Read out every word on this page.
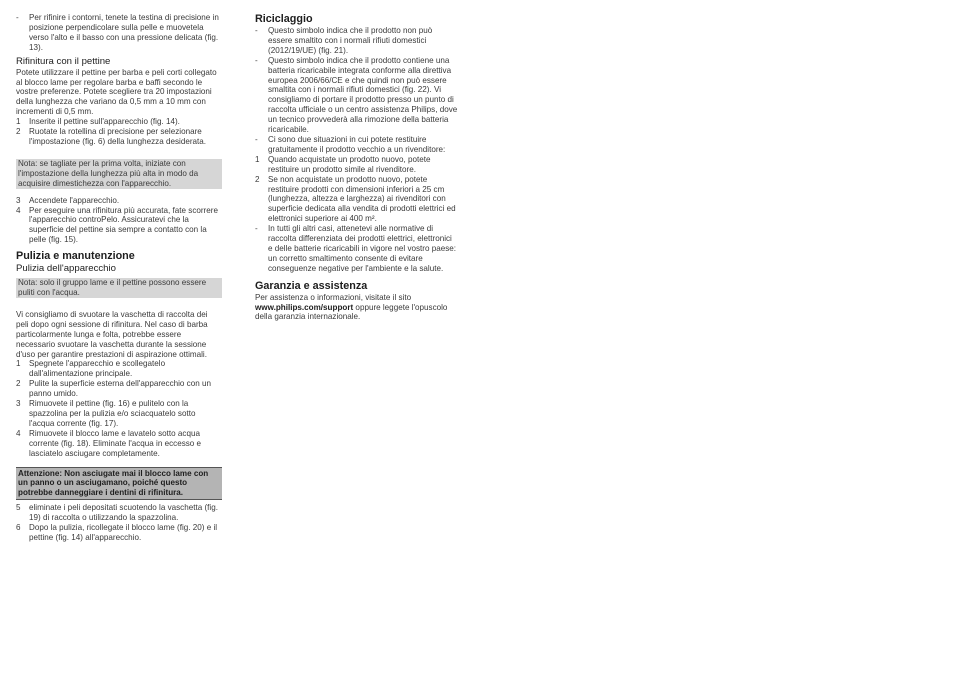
- Per rifinire i contorni, tenete la testina di precisione in posizione perpendicolare sulla pelle e muovetela verso l'alto e il basso con una pressione delicata (fig. 13).
Rifinitura con il pettine

Potete utilizzare il pettine per barba e peli corti collegato al blocco lame per regolare barba e baffi secondo le vostre preferenze. Potete scegliere tra 20 impostazioni della lunghezza che variano da 0,5 mm a 10 mm con incrementi di 0,5 mm.

1 Inserite il pettine sull'apparecchio (fig. 14).
2 Ruotate la rotellina di precisione per selezionare l'impostazione (fig. 6) della lunghezza desiderata.

Nota: se tagliate per la prima volta, iniziate con l'impostazione della lunghezza più alta in modo da acquisire dimestichezza con l'apparecchio.

3 Accendete l'apparecchio.
4 Per eseguire una rifinitura più accurata, fate scorrere l'apparecchio controPelo. Assicuratevi che la superficie del pettine sia sempre a contatto con la pelle (fig. 15).
Pulizia e manutenzione
Pulizia dell'apparecchio

Nota: solo il gruppo lame e il pettine possono essere puliti con l'acqua.

Vi consigliamo di svuotare la vaschetta di raccolta dei peli dopo ogni sessione di rifinitura. Nel caso di barba particolarmente lunga e folta, potrebbe essere necessario svuotare la vaschetta durante la sessione d'uso per garantire prestazioni di aspirazione ottimali.

1 Spegnete l'apparecchio e scollegatelo dall'alimentazione principale.
2 Pulite la superficie esterna dell'apparecchio con un panno umido.
3 Rimuovete il pettine (fig. 16) e pulitelo con la spazzolina per la pulizia e/o sciacquatelo sotto l'acqua corrente (fig. 17).
4 Rimuovete il blocco lame e lavatelo sotto acqua corrente (fig. 18). Eliminate l'acqua in eccesso e lasciatelo asciugare completamente.

Attenzione: Non asciugate mai il blocco lame con un panno o un asciugamano, poiché questo potrebbe danneggiare i dentini di rifinitura.

5 eliminate i peli depositati scuotendo la vaschetta (fig. 19) di raccolta o utilizzando la spazzolina.
6 Dopo la pulizia, ricollegate il blocco lame (fig. 20) e il pettine (fig. 14) all'apparecchio.
Riciclaggio
- Questo simbolo indica che il prodotto non può essere smaltito con i normali rifiuti domestici (2012/19/UE) (fig. 21).
- Questo simbolo indica che il prodotto contiene una batteria ricaricabile integrata conforme alla direttiva europea 2006/66/CE e che quindi non può essere smaltita con i normali rifiuti domestici (fig. 22). Vi consigliamo di portare il prodotto presso un punto di raccolta ufficiale o un centro assistenza Philips, dove un tecnico provvederà alla rimozione della batteria ricaricabile.
- Ci sono due situazioni in cui potete restituire gratuitamente il prodotto vecchio a un rivenditore:
1 Quando acquistate un prodotto nuovo, potete restituire un prodotto simile al rivenditore.
2 Se non acquistate un prodotto nuovo, potete restituire prodotti con dimensioni inferiori a 25 cm (lunghezza, altezza e larghezza) ai rivenditori con superficie dedicata alla vendita di prodotti elettrici ed elettronici superiore ai 400 m².
- In tutti gli altri casi, attenetevi alle normative di raccolta differenziata dei prodotti elettrici, elettronici e delle batterie ricaricabili in vigore nel vostro paese: un corretto smaltimento consente di evitare conseguenze negative per l'ambiente e la salute.
Garanzia e assistenza

Per assistenza o informazioni, visitate il sito www.philips.com/support oppure leggete l'opuscolo della garanzia internazionale.
